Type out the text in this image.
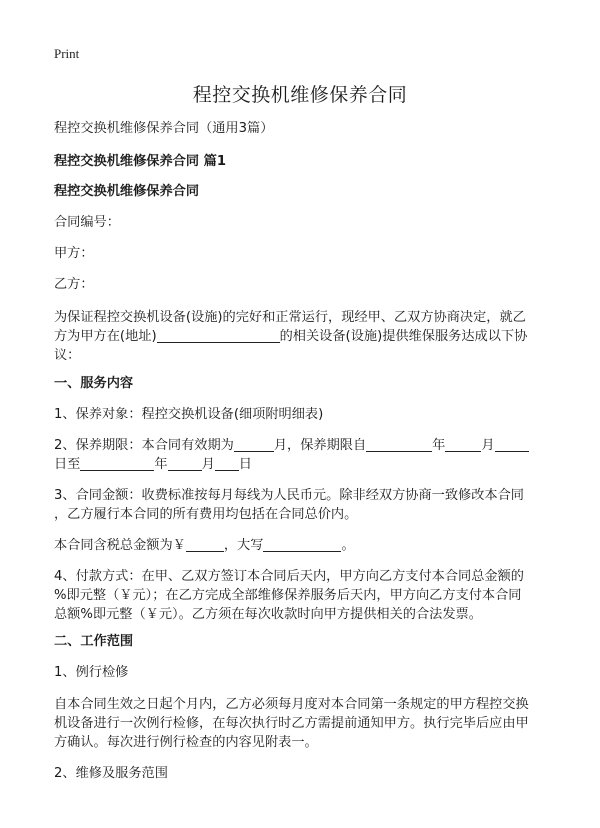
Print
程控交换机维修保养合同

程控交换机维修保养合同（通用3篇）

程控交换机维修保养合同 篇1

程控交换机维修保养合同

合同编号：

甲方：

乙方：

为保证程控交换机设备(设施)的完好和正常运行，现经甲、乙双方协商决定，就乙

方为甲方在(地址)	的相关设备(设施)提供维保服务达成以下协

议：

一、服务内容

1、保养对象：程控交换机设备(细项附明细表)

2、保养期限：本合同有效期为	月，保养期限自	年	月

日至	年	月 日

3、合同金额：收费标准按每月每线为人民币元。除非经双方协商一致修改本合同

，乙方履行本合同的所有费用均包括在合同总价内。

本合同含税总金额为￥	，大写	。

4、付款方式：在甲、乙双方签订本合同后天内，甲方向乙方支付本合同总金额的

%即元整（￥元）；在乙方完成全部维修保养服务后天内，甲方向乙方支付本合同

总额%即元整（￥元）。乙方须在每次收款时向甲方提供相关的合法发票。

二、工作范围

1、例行检修

自本合同生效之日起个月内，乙方必须每月度对本合同第一条规定的甲方程控交换

机设备进行一次例行检修，在每次执行时乙方需提前通知甲方。执行完毕后应由甲

方确认。每次进行例行检查的内容见附表一。

2、维修及服务范围
